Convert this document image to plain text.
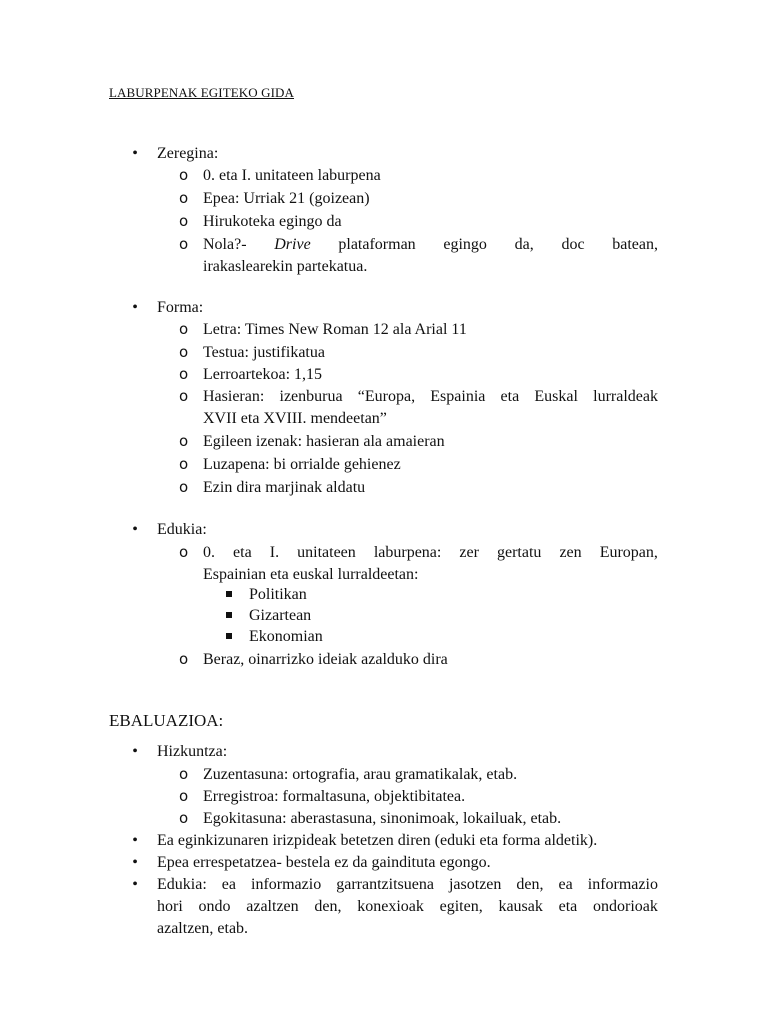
LABURPENAK EGITEKO GIDA
• Zeregina:
o 0. eta I. unitateen laburpena
o Epea: Urriak 21 (goizean)
o Hirukoteka egingo da
o Nola?- Drive plataforman egingo da, doc batean,
irakaslearekin partekatua.
• Forma:
o Letra: Times New Roman 12 ala Arial 11
o Testua: justifikatua
o Lerroartekoa: 1,15
o Hasieran: izenburua “Europa, Espainia eta Euskal lurraldeak
XVII eta XVIII. mendeetan”
o Egileen izenak: hasieran ala amaieran
o Luzapena: bi orrialde gehienez
o Ezin dira marjinak aldatu
• Edukia:
o 0. eta I. unitateen laburpena: zer gertatu zen Europan,
Espainian eta euskal lurraldeetan:
Politikan
Gizartean
Ekonomian
o Beraz, oinarrizko ideiak azalduko dira
EBALUAZIOA:
• Hizkuntza:
o Zuzentasuna: ortografia, arau gramatikalak, etab.
o Erregistroa: formaltasuna, objektibitatea.
o Egokitasuna: aberastasuna, sinonimoak, lokailuak, etab.
• Ea eginkizunaren irizpideak betetzen diren (eduki eta forma aldetik).
• Epea errespetatzea- bestela ez da gaindituta egongo.
• Edukia: ea informazio garrantzitsuena jasotzen den, ea informazio
hori ondo azaltzen den, konexioak egiten, kausak eta ondorioak
azaltzen, etab.
